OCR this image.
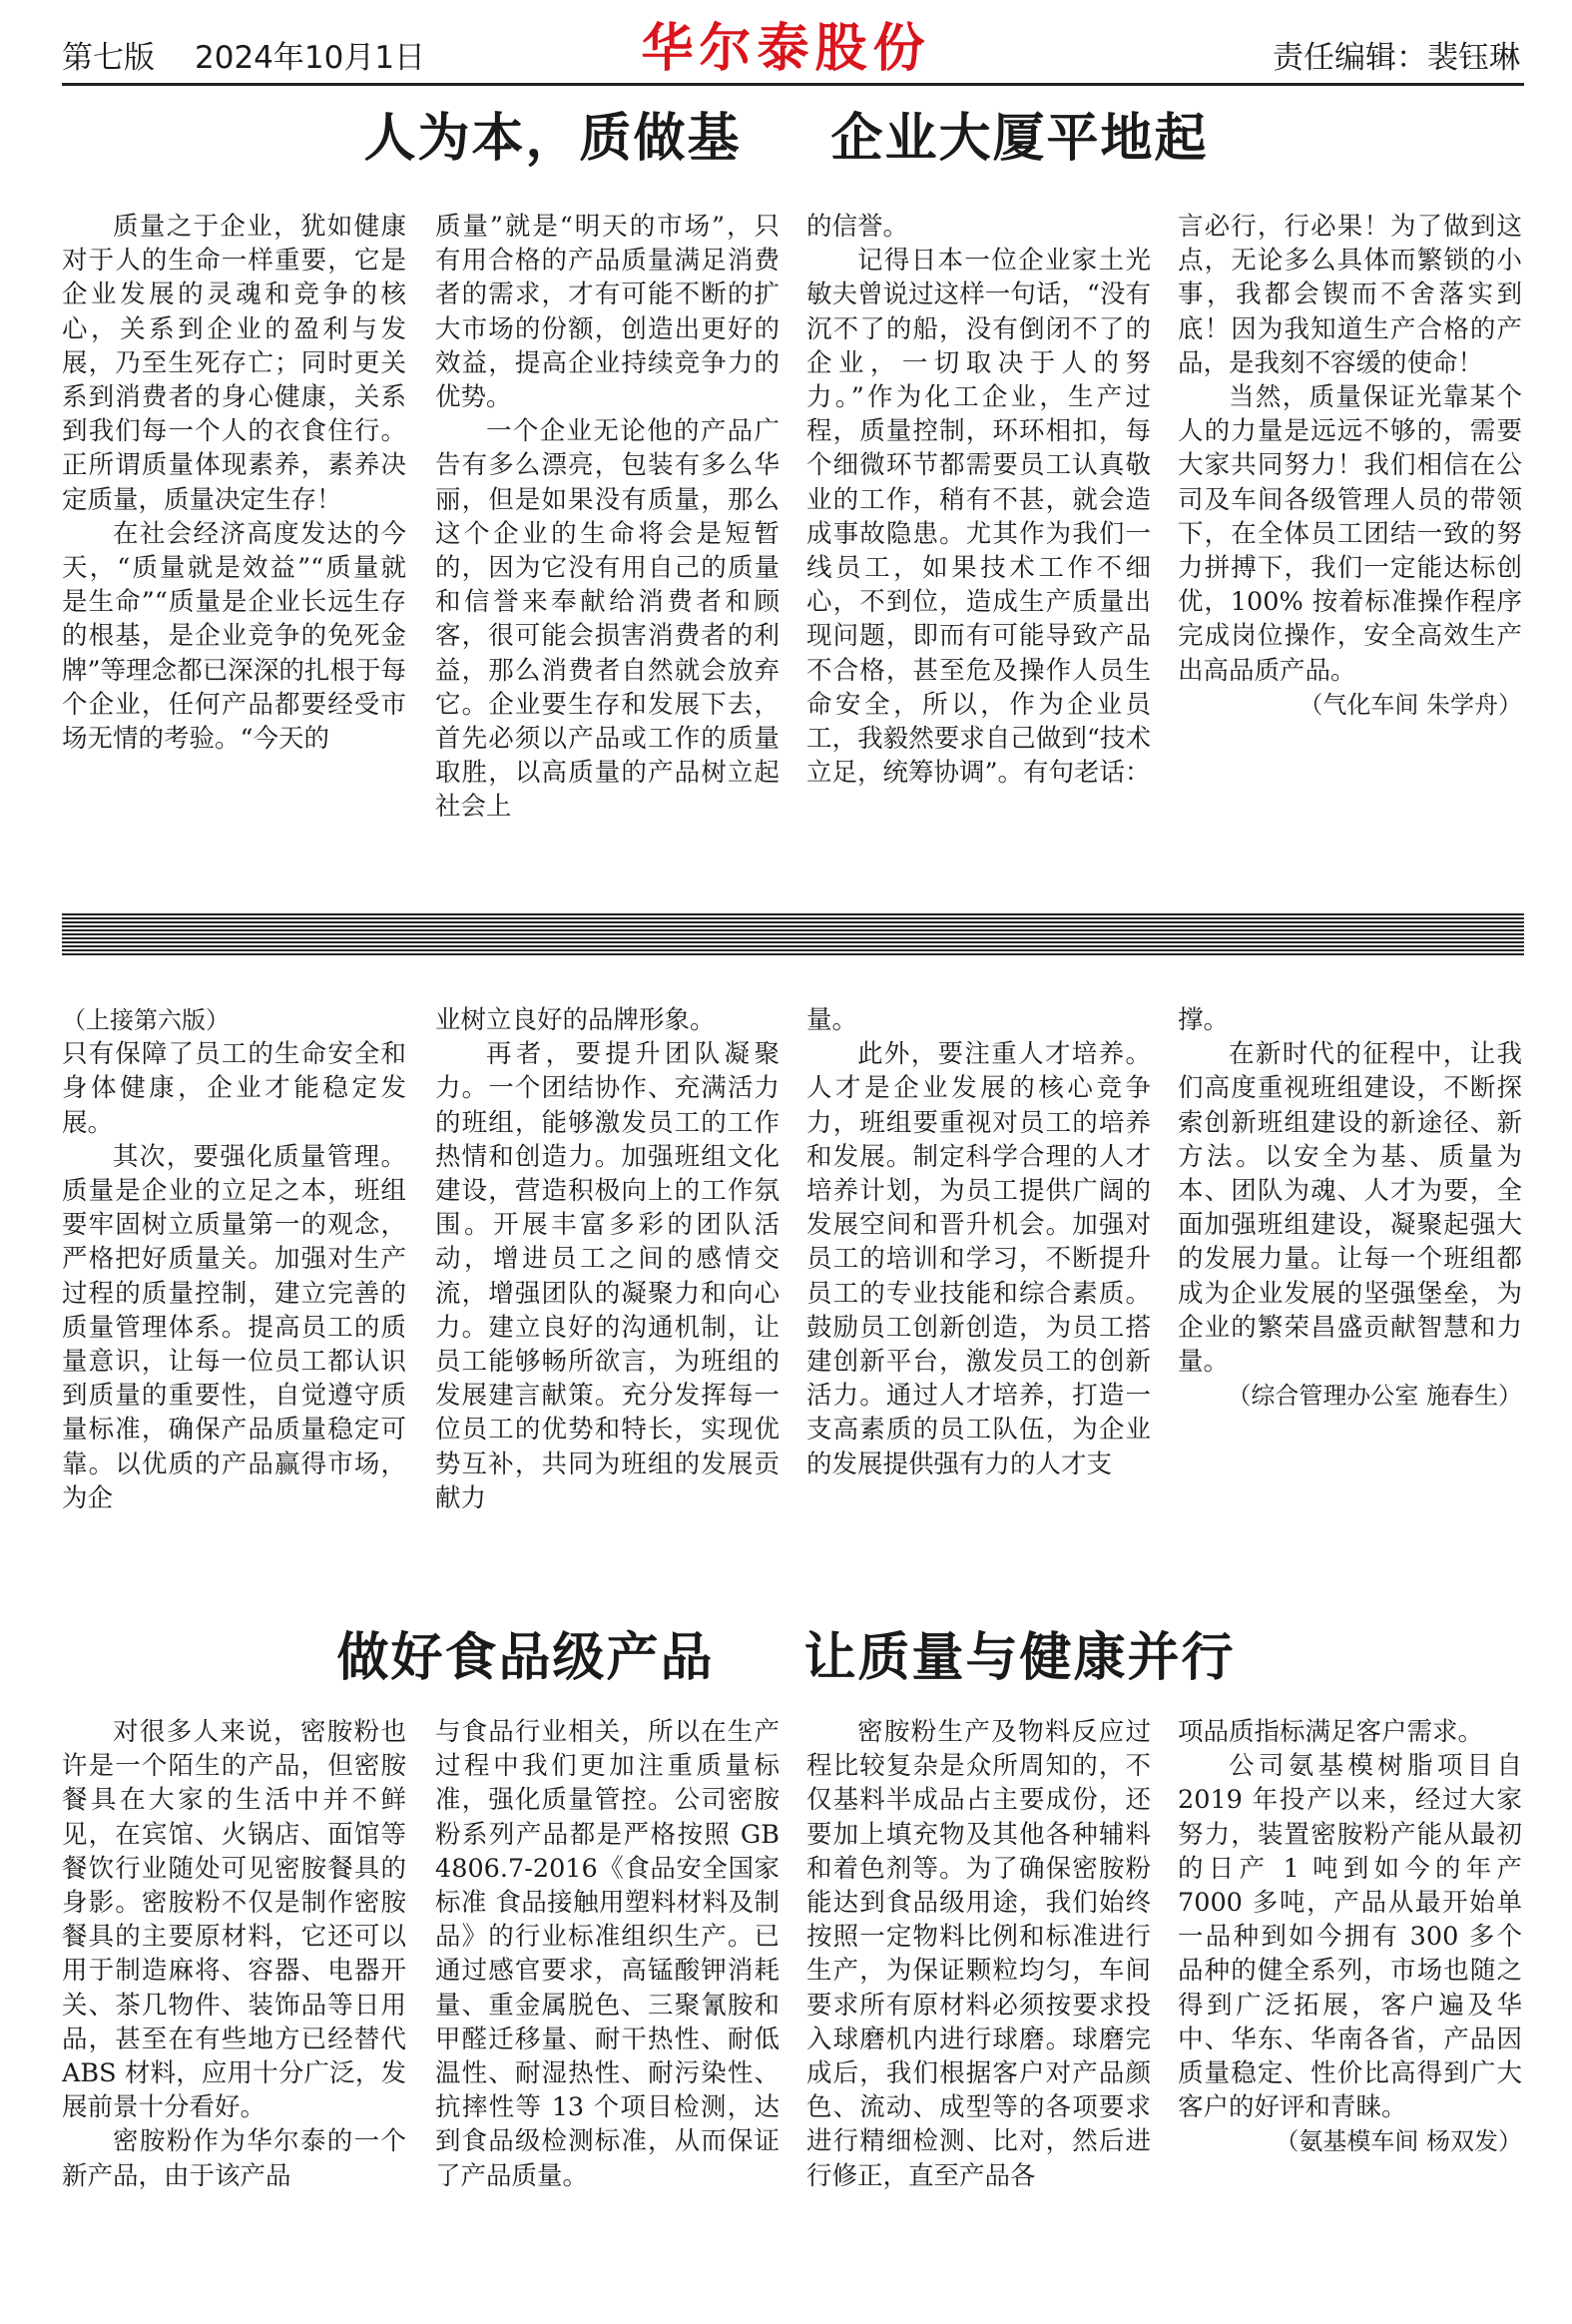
第七版 2024年10月1日	华尔泰股份	责任编辑：裴钰琳
人为本，质做基 企业大厦平地起

质量之于企业，犹如健康对于人的生命一样重要，它是企业发展的灵魂和竞争的核心，关系到企业的盈利与发展，乃至生死存亡；同时更关系到消费者的身心健康，关系到我们每一个人的衣食住行。正所谓质量体现素养，素养决定质量，质量决定生存！

在社会经济高度发达的今天，“质量就是效益”“质量就是生命”“质量是企业长远生存的根基，是企业竞争的免死金牌”等理念都已深深的扎根于每个企业，任何产品都要经受市场无情的考验。“今天的

质量”就是“明天的市场”，只有用合格的产品质量满足消费者的需求，才有可能不断的扩大市场的份额，创造出更好的效益，提高企业持续竞争力的优势。

一个企业无论他的产品广告有多么漂亮，包装有多么华丽，但是如果没有质量，那么这个企业的生命将会是短暂的，因为它没有用自己的质量和信誉来奉献给消费者和顾客，很可能会损害消费者的利益，那么消费者自然就会放弃它。企业要生存和发展下去，首先必须以产品或工作的质量取胜，以高质量的产品树立起社会上

的信誉。

记得日本一位企业家土光敏夫曾说过这样一句话，“没有沉不了的船，没有倒闭不了的企业，一切取决于人的努力。”作为化工企业，生产过程，质量控制，环环相扣，每个细微环节都需要员工认真敬业的工作，稍有不甚，就会造成事故隐患。尤其作为我们一线员工，如果技术工作不细心，不到位，造成生产质量出现问题，即而有可能导致产品不合格，甚至危及操作人员生命安全，所以，作为企业员工，我毅然要求自己做到“技术立足，统筹协调”。有句老话：

言必行，行必果！为了做到这点，无论多么具体而繁锁的小事，我都会锲而不舍落实到底！因为我知道生产合格的产品，是我刻不容缓的使命！

当然，质量保证光靠某个人的力量是远远不够的，需要大家共同努力！我们相信在公司及车间各级管理人员的带领下，在全体员工团结一致的努力拼搏下，我们一定能达标创优，100% 按着标准操作程序完成岗位操作，安全高效生产出高品质产品。

（气化车间 朱学舟）

（上接第六版）

只有保障了员工的生命安全和身体健康，企业才能稳定发展。

其次，要强化质量管理。质量是企业的立足之本，班组要牢固树立质量第一的观念，严格把好质量关。加强对生产过程的质量控制，建立完善的质量管理体系。提高员工的质量意识，让每一位员工都认识到质量的重要性，自觉遵守质量标准，确保产品质量稳定可靠。以优质的产品赢得市场，为企

业树立良好的品牌形象。

再者，要提升团队凝聚力。一个团结协作、充满活力的班组，能够激发员工的工作热情和创造力。加强班组文化建设，营造积极向上的工作氛围。开展丰富多彩的团队活动，增进员工之间的感情交流，增强团队的凝聚力和向心力。建立良好的沟通机制，让员工能够畅所欲言，为班组的发展建言献策。充分发挥每一位员工的优势和特长，实现优势互补，共同为班组的发展贡献力

量。

此外，要注重人才培养。人才是企业发展的核心竞争力，班组要重视对员工的培养和发展。制定科学合理的人才培养计划，为员工提供广阔的发展空间和晋升机会。加强对员工的培训和学习，不断提升员工的专业技能和综合素质。鼓励员工创新创造，为员工搭建创新平台，激发员工的创新活力。通过人才培养，打造一支高素质的员工队伍，为企业的发展提供强有力的人才支

撑。

在新时代的征程中，让我们高度重视班组建设，不断探索创新班组建设的新途径、新方法。以安全为基、质量为本、团队为魂、人才为要，全面加强班组建设，凝聚起强大的发展力量。让每一个班组都成为企业发展的坚强堡垒，为企业的繁荣昌盛贡献智慧和力量。

（综合管理办公室 施春生）

做好食品级产品 让质量与健康并行

对很多人来说，密胺粉也许是一个陌生的产品，但密胺餐具在大家的生活中并不鲜见，在宾馆、火锅店、面馆等餐饮行业随处可见密胺餐具的身影。密胺粉不仅是制作密胺餐具的主要原材料，它还可以用于制造麻将、容器、电器开关、茶几物件、装饰品等日用品，甚至在有些地方已经替代 ABS 材料，应用十分广泛，发展前景十分看好。

密胺粉作为华尔泰的一个新产品，由于该产品

与食品行业相关，所以在生产过程中我们更加注重质量标准，强化质量管控。公司密胺粉系列产品都是严格按照 GB 4806.7-2016《食品安全国家标准 食品接触用塑料材料及制品》的行业标准组织生产。已通过感官要求，高锰酸钾消耗量、重金属脱色、三聚氰胺和甲醛迁移量、耐干热性、耐低温性、耐湿热性、耐污染性、抗摔性等 13 个项目检测，达到食品级检测标准，从而保证了产品质量。

密胺粉生产及物料反应过程比较复杂是众所周知的，不仅基料半成品占主要成份，还要加上填充物及其他各种辅料和着色剂等。为了确保密胺粉能达到食品级用途，我们始终按照一定物料比例和标准进行生产，为保证颗粒均匀，车间要求所有原材料必须按要求投入球磨机内进行球磨。球磨完成后，我们根据客户对产品颜色、流动、成型等的各项要求进行精细检测、比对，然后进行修正，直至产品各

项品质指标满足客户需求。

公司氨基模树脂项目自 2019 年投产以来，经过大家努力，装置密胺粉产能从最初的日产 1 吨到如今的年产 7000 多吨，产品从最开始单一品种到如今拥有 300 多个品种的健全系列，市场也随之得到广泛拓展，客户遍及华中、华东、华南各省，产品因质量稳定、性价比高得到广大客户的好评和青睐。

（氨基模车间 杨双发）
